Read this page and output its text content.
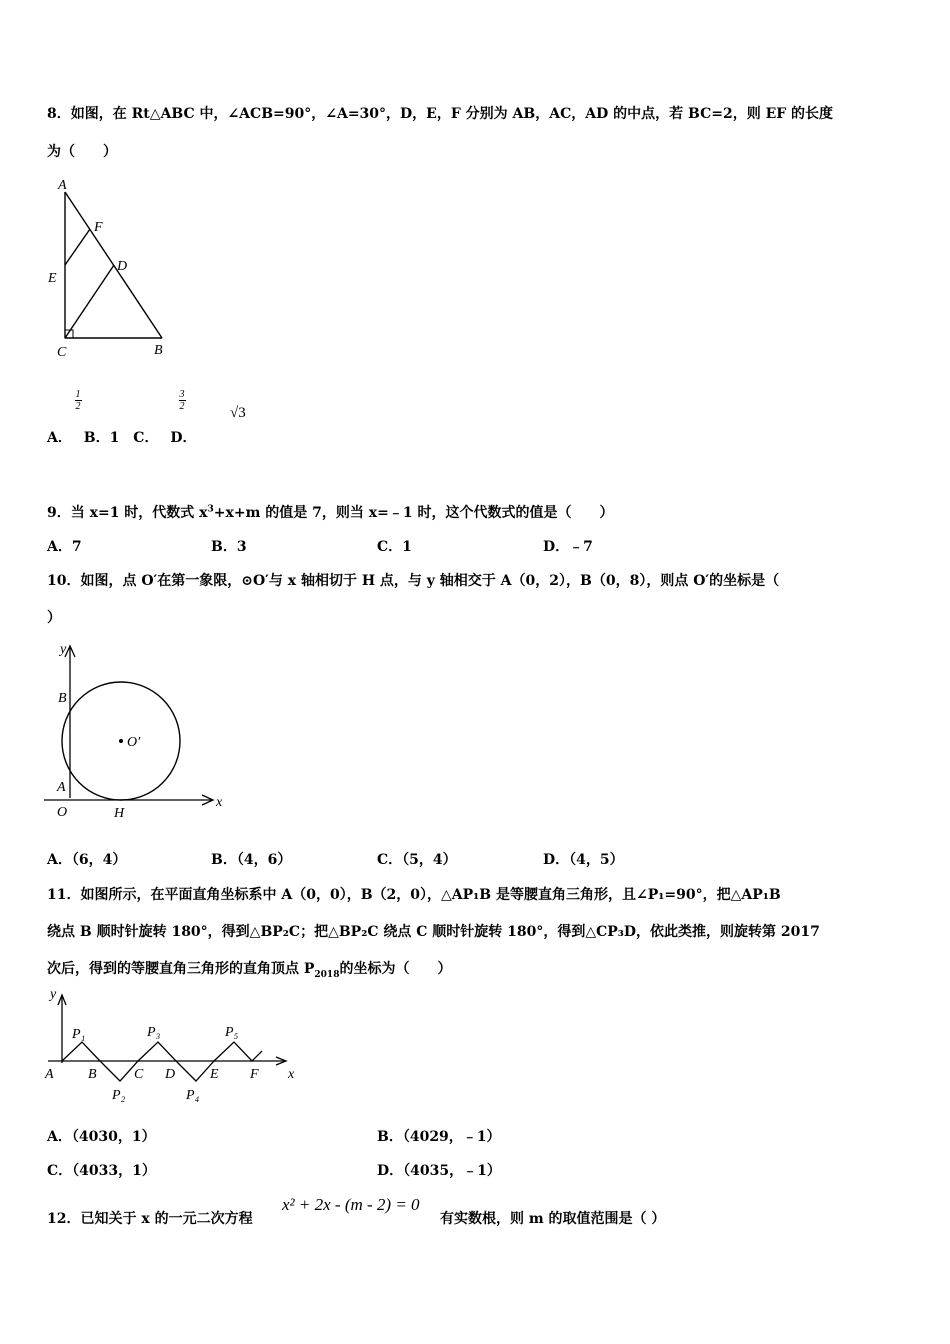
8．如图，在 Rt△ABC 中，∠ACB=90°，∠A=30°，D，E，F 分别为 AB，AC，AD 的中点，若 BC=2，则 EF 的长度
为（　　）
A
F
E
D
C	B
1
2
3
2	√3
A．　 B．1　C．　 D．
9．当 x=1 时，代数式 $x^3+x+m$ 的值是 7，则当 x=﹣1 时，这个代数式的值是（　　）
A．7	B．3	C．1	D．﹣7
10．如图，点 O′在第一象限，⊙O′与 x 轴相切于 H 点，与 y 轴相交于 A（0，2），B（0，8），则点 O′的坐标是（
）
y
x
B
O′
A
O	H
A．（6，4）	B．（4，6）	C．（5，4）	D．（4，5）
11．如图所示，在平面直角坐标系中 A（0，0），B（2，0），△AP₁B 是等腰直角三角形，且∠P₁=90°，把△AP₁B
绕点 B 顺时针旋转 180°，得到△BP₂C；把△BP₂C 绕点 C 顺时针旋转 180°，得到△CP₃D，依此类推，则旋转第 2017
次后，得到的等腰直角三角形的直角顶点 $P_{2018}$的坐标为（　　）
y
x
A B	C D E F
P₁
P₂
P₃
P₄
P₅
A．（4030，1）	B．（4029，﹣1）
C．（4033，1）	D．（4035，﹣1）
12．已知关于 x 的一元二次方程
x² + 2x - (m - 2) = 0
有实数根，则 m 的取值范围是（ ）
